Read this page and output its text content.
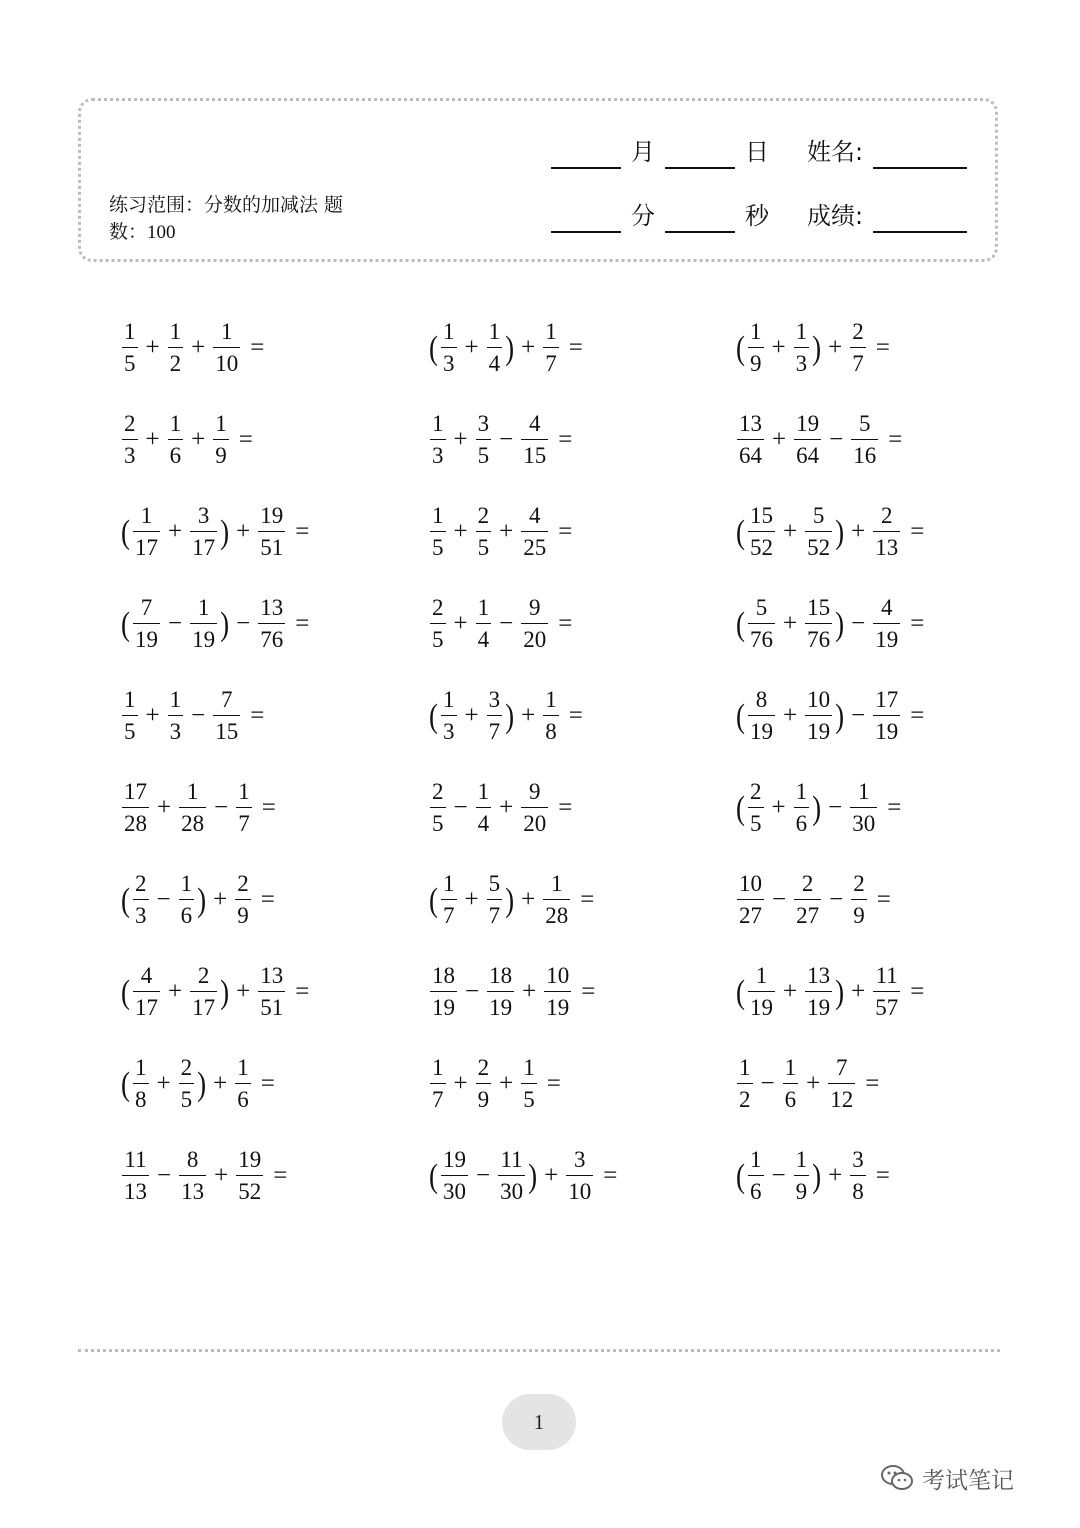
练习范围：分数的加减法 题
数：100
月	日 姓名:
分	秒 成绩:
$\frac{1}{5} + \frac{1}{2} + \frac{1}{10}$ =	( $\frac{1}{3} + \frac{1}{4}$ ) + $\frac{1}{7}$ =	( $\frac{1}{9} + \frac{1}{3}$ ) + $\frac{2}{7}$ =
$\frac{2}{3} + \frac{1}{6} + \frac{1}{9}$ =	$\frac{1}{3} + \frac{3}{5} - \frac{4}{15}$ =	$\frac{13}{64} + \frac{19}{64} - \frac{5}{16}$ =
( $\frac{1}{17} + \frac{3}{17}$ ) + $\frac{19}{51}$ =	$\frac{1}{5} + \frac{2}{5} + \frac{4}{25}$ =	( $\frac{15}{52} + \frac{5}{52}$ ) + $\frac{2}{13}$ =
( $\frac{7}{19} - \frac{1}{19}$ ) − $\frac{13}{76}$ =	$\frac{2}{5} + \frac{1}{4} - \frac{9}{20}$ =	( $\frac{5}{76} + \frac{15}{76}$ ) − $\frac{4}{19}$ =
$\frac{1}{5} + \frac{1}{3} - \frac{7}{15}$ =	( $\frac{1}{3} + \frac{3}{7}$ ) + $\frac{1}{8}$ =	( $\frac{8}{19} + \frac{10}{19}$ ) − $\frac{17}{19}$ =
$\frac{17}{28} + \frac{1}{28} - \frac{1}{7}$ =	$\frac{2}{5} - \frac{1}{4} + \frac{9}{20}$ =	( $\frac{2}{5} + \frac{1}{6}$ ) − $\frac{1}{30}$ =
( $\frac{2}{3} - \frac{1}{6}$ ) + $\frac{2}{9}$ =	( $\frac{1}{7} + \frac{5}{7}$ ) + $\frac{1}{28}$ =	$\frac{10}{27} - \frac{2}{27} - \frac{2}{9}$ =
( $\frac{4}{17} + \frac{2}{17}$ ) + $\frac{13}{51}$ =	$\frac{18}{19} - \frac{18}{19} + \frac{10}{19}$ =	( $\frac{1}{19} + \frac{13}{19}$ ) + $\frac{11}{57}$ =
( $\frac{1}{8} + \frac{2}{5}$ ) + $\frac{1}{6}$ =	$\frac{1}{7} + \frac{2}{9} + \frac{1}{5}$ =	$\frac{1}{2} - \frac{1}{6} + \frac{7}{12}$ =
$\frac{11}{13} - \frac{8}{13} + \frac{19}{52}$ =	( $\frac{19}{30} - \frac{11}{30}$ ) + $\frac{3}{10}$ =	( $\frac{1}{6} - \frac{1}{9}$ ) + $\frac{3}{8}$ =
1
考试笔记
